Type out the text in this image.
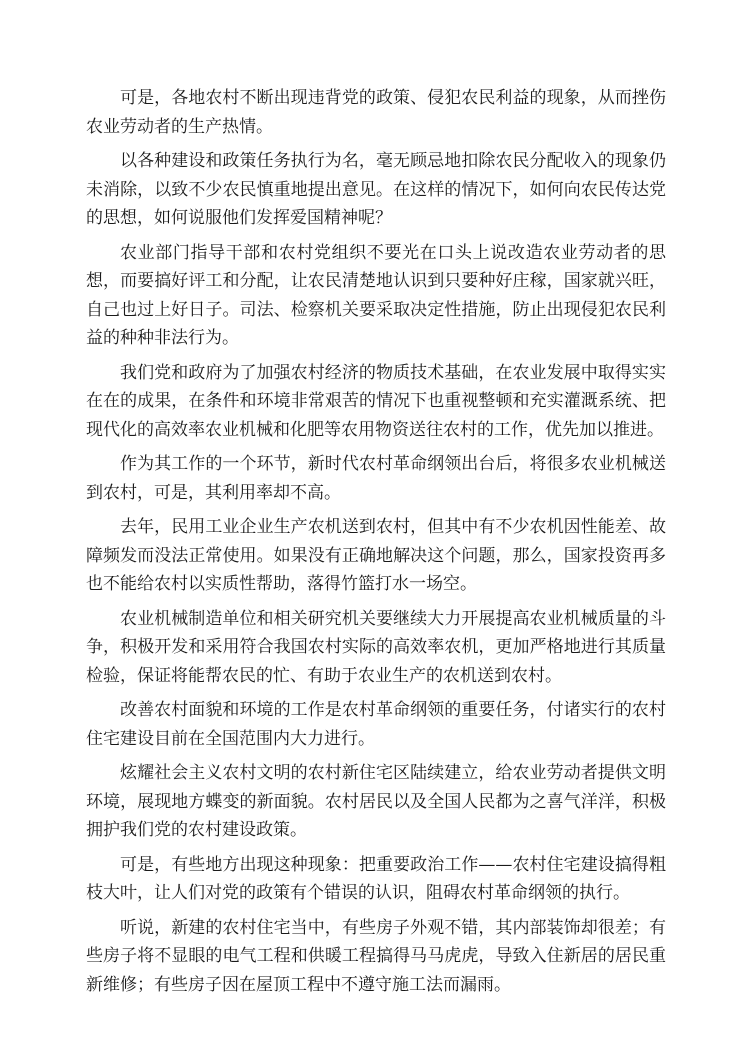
可是，各地农村不断出现违背党的政策、侵犯农民利益的现象，从而挫伤农业劳动者的生产热情。

以各种建设和政策任务执行为名，毫无顾忌地扣除农民分配收入的现象仍未消除，以致不少农民慎重地提出意见。在这样的情况下，如何向农民传达党的思想，如何说服他们发挥爱国精神呢？

农业部门指导干部和农村党组织不要光在口头上说改造农业劳动者的思想，而要搞好评工和分配，让农民清楚地认识到只要种好庄稼，国家就兴旺，自己也过上好日子。司法、检察机关要采取决定性措施，防止出现侵犯农民利益的种种非法行为。

我们党和政府为了加强农村经济的物质技术基础，在农业发展中取得实实在在的成果，在条件和环境非常艰苦的情况下也重视整顿和充实灌溉系统、把现代化的高效率农业机械和化肥等农用物资送往农村的工作，优先加以推进。

作为其工作的一个环节，新时代农村革命纲领出台后，将很多农业机械送到农村，可是，其利用率却不高。

去年，民用工业企业生产农机送到农村，但其中有不少农机因性能差、故障频发而没法正常使用。如果没有正确地解决这个问题，那么，国家投资再多也不能给农村以实质性帮助，落得竹篮打水一场空。

农业机械制造单位和相关研究机关要继续大力开展提高农业机械质量的斗争，积极开发和采用符合我国农村实际的高效率农机，更加严格地进行其质量检验，保证将能帮农民的忙、有助于农业生产的农机送到农村。

改善农村面貌和环境的工作是农村革命纲领的重要任务，付诸实行的农村住宅建设目前在全国范围内大力进行。

炫耀社会主义农村文明的农村新住宅区陆续建立，给农业劳动者提供文明环境，展现地方蝶变的新面貌。农村居民以及全国人民都为之喜气洋洋，积极拥护我们党的农村建设政策。

可是，有些地方出现这种现象：把重要政治工作——农村住宅建设搞得粗枝大叶，让人们对党的政策有个错误的认识，阻碍农村革命纲领的执行。

听说，新建的农村住宅当中，有些房子外观不错，其内部装饰却很差；有些房子将不显眼的电气工程和供暖工程搞得马马虎虎，导致入住新居的居民重新维修；有些房子因在屋顶工程中不遵守施工法而漏雨。
